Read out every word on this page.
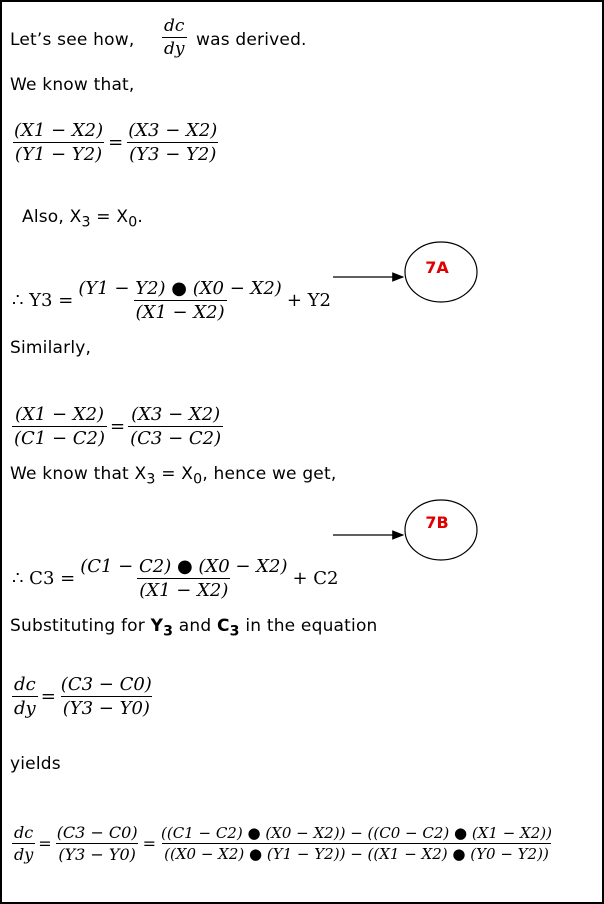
Let’s see how, $\frac{dc}{dy}$ was derived.
We know that,
$\frac{(X1 - X2)}{(Y1 - Y2)} = \frac{(X3 - X2)}{(Y3 - Y2)}$
Also, $X_3 = X_0$.
∴ $Y3 = \frac{(Y1 - Y2) ● (X0 - X2)}{(X1 - X2)} + Y2$
Similarly,
$\frac{(X1 - X2)}{(C1 - C2)} = \frac{(X3 - X2)}{(C3 - C2)}$
We know that $X_3 = X_0$, hence we get,
∴ $C3 = \frac{(C1 - C2) ● (X0 - X2)}{(X1 - X2)} + C2$
Substituting for $Y_3$ and $C_3$ in the equation
$\frac{dc}{dy} = \frac{(C3 - C0)}{(Y3 - Y0)}$
yields
$\frac{dc}{dy} = \frac{(C3 - C0)}{(Y3 - Y0)} = \frac{((C1 - C2) ● (X0 - X2)) - ((C0 - C2) ● (X1 - X2))}{((X0 - X2) ● (Y1 - Y2)) - ((X1 - X2) ● (Y0 - Y2))}$
7A
7B
